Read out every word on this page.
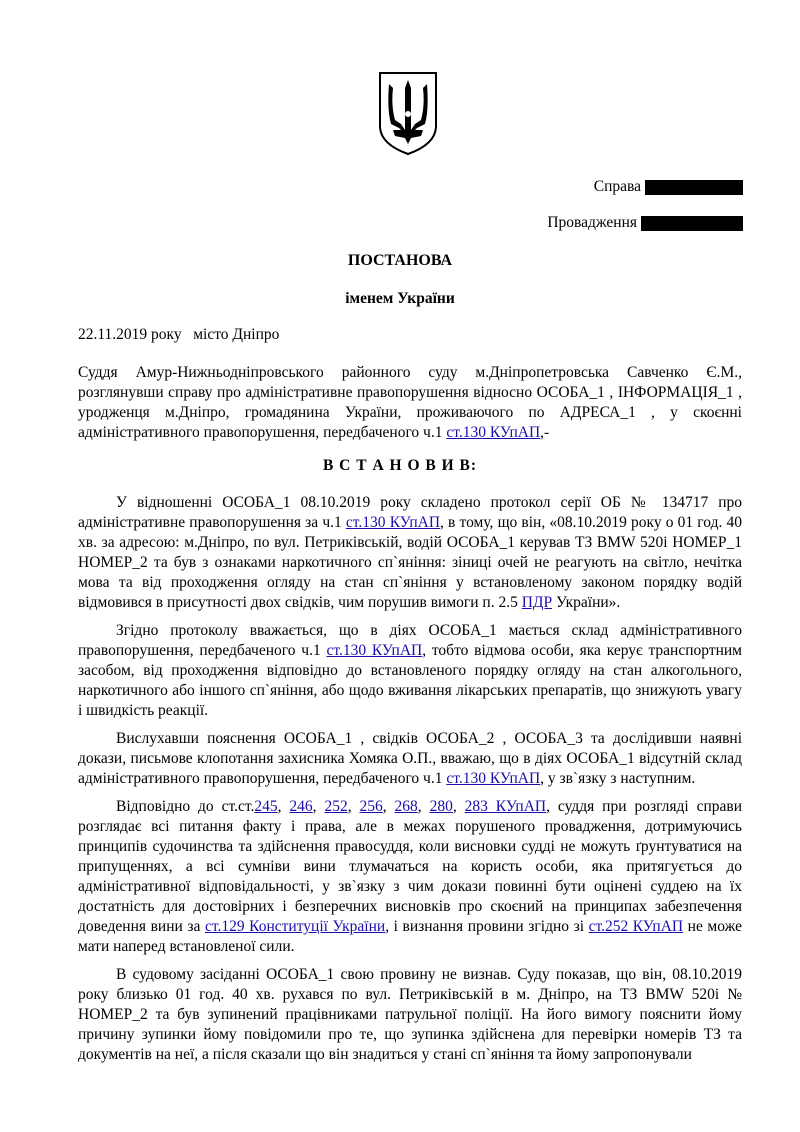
Справа
Провадження
ПОСТАНОВА
іменем України
22.11.2019 року   місто Дніпро

Суддя Амур-Нижньодніпровського районного суду м.Дніпропетровська Савченко Є.М., розглянувши справу про адміністративне правопорушення відносно ОСОБА_1 , ІНФОРМАЦІЯ_1 , уродженця м.Дніпро, громадянина України, проживаючого по АДРЕСА_1 , у скоєнні адміністративного правопорушення, передбаченого ч.1 ст.130 КУпАП,-

В С Т А Н О В И В:

У відношенні ОСОБА_1 08.10.2019 року складено протокол серії ОБ № 134717 про адміністративне правопорушення за ч.1 ст.130 КУпАП, в тому, що він, «08.10.2019 року о 01 год. 40 хв. за адресою: м.Дніпро, по вул. Петриківській, водій ОСОБА_1 керував ТЗ BMW 520i НОМЕР_1 НОМЕР_2 та був з ознаками наркотичного сп`яніння: зіниці очей не реагують на світло, нечітка мова та від проходження огляду на стан сп`яніння у встановленому законом порядку водій відмовився в присутності двох свідків, чим порушив вимоги п. 2.5 ПДР України».

Згідно протоколу вважається, що в діях ОСОБА_1 мається склад адміністративного правопорушення, передбаченого ч.1 ст.130 КУпАП, тобто відмова особи, яка керує транспортним засобом, від проходження відповідно до встановленого порядку огляду на стан алкогольного, наркотичного або іншого сп`яніння, або щодо вживання лікарських препаратів, що знижують увагу і швидкість реакції.

Вислухавши пояснення ОСОБА_1 , свідків ОСОБА_2 , ОСОБА_3 та дослідивши наявні докази, письмове клопотання захисника Хомяка О.П., вважаю, що в діях ОСОБА_1 відсутній склад адміністративного правопорушення, передбаченого ч.1 ст.130 КУпАП, у зв`язку з наступним.

Відповідно до ст.ст.245, 246, 252, 256, 268, 280, 283 КУпАП, суддя при розгляді справи розглядає всі питання факту і права, але в межах порушеного провадження, дотримуючись принципів судочинства та здійснення правосуддя, коли висновки судді не можуть ґрунтуватися на припущеннях, а всі сумніви вини тлумачаться на користь особи, яка притягується до адміністративної відповідальності, у зв`язку з чим докази повинні бути оцінені суддею на їх достатність для достовірних і безперечних висновків про скоєний на принципах забезпечення доведення вини за ст.129 Конституції України, і визнання провини згідно зі ст.252 КУпАП не може мати наперед встановленої сили.

В судовому засіданні ОСОБА_1 свою провину не визнав. Суду показав, що він, 08.10.2019 року близько 01 год. 40 хв. рухався по вул. Петриківській в м. Дніпро, на ТЗ BMW 520i № НОМЕР_2 та був зупинений працівниками патрульної поліції. На його вимогу пояснити йому причину зупинки йому повідомили про те, що зупинка здійснена для перевірки номерів ТЗ та документів на неї, а після сказали що він знадиться у стані сп`яніння та йому запропонували
